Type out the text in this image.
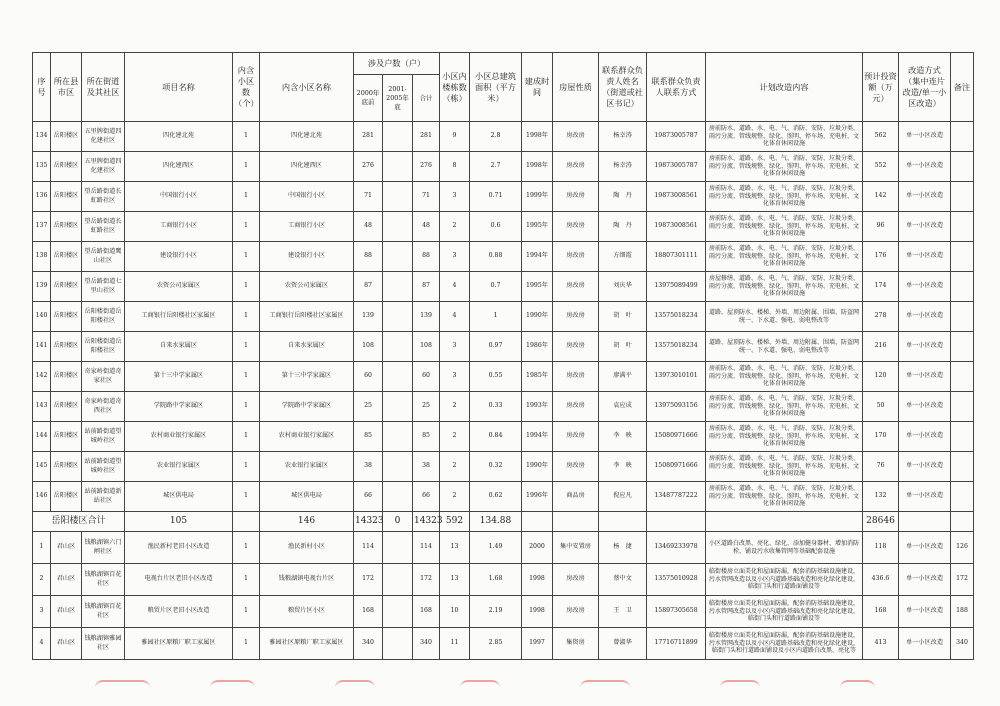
序号	所在县市区	所在街道及其社区	项目名称	内含小区数（个）	内含小区名称	涉及户数（户）			小区内楼栋数（栋）	小区总建筑面积（平方米）	建成时间	房屋性质	联系群众负责人姓名（街道或社区书记）	联系群众负责人联系方式	计划改造内容	预计投资额（万元）	改造方式（集中连片改造/单一小区改造）	备注
						2000年底前	2001-2005年底	合计										
134	岳阳楼区	五里牌街道四化建社区	四化建北苑	1	四化建北苑	281		281	9	2.8	1998年	房改房	杨幸涛	19873005787	房前防水、道路、水、电、气、消防、安防、垃圾分类、雨污分流、管线规整、绿化、照明、停车场、充电桩、文化体育休闲设施	562	单一小区改造	
135	岳阳楼区	五里牌街道四化建社区	四化建西区	1	四化建西区	276		276	8	2.7	1998年	房改房	杨幸涛	19873005787	房前防水、道路、水、电、气、消防、安防、垃圾分类、雨污分流、管线规整、绿化、照明、停车场、充电桩、文化体育休闲设施	552	单一小区改造	
136	岳阳楼区	望岳路街道长虹路社区	中国银行小区	1	中国银行小区	71		71	3	0.71	1999年	房改房	陶　丹	19873008561	房前防水、道路、水、电、气、消防、安防、垃圾分类、雨污分流、管线规整、绿化、照明、停车场、充电桩、文化体育休闲设施	142	单一小区改造	
137	岳阳楼区	望岳路街道长虹路社区	工商银行小区	1	工商银行小区	48		48	2	0.6	1995年	房改房	陶　丹	19873008561	房前防水、道路、水、电、气、消防、安防、垃圾分类、雨污分流、管线规整、绿化、照明、停车场、充电桩、文化体育休闲设施	96	单一小区改造	
138	岳阳楼区	望岳路街道鹰山社区	建设银行小区	1	建设银行小区	88		88	3	0.88	1994年	房改房	方细霞	18807301111	房前防水、道路、水、电、气、消防、安防、垃圾分类、雨污分流、管线规整、绿化、照明、停车场、充电桩、文化体育休闲设施	176	单一小区改造	
139	岳阳楼区	望岳路街道七里山社区	农资公司家属区	1	农资公司家属区	87		87	4	0.7	1995年	房改房	刘庆华	13975089499	房屋修缮、道路、水、电、气、消防、安防、垃圾分类、雨污分流、管线规整、绿化、照明、停车场、充电桩、文化体育休闲设施	174	单一小区改造	
140	岳阳楼区	岳阳楼街道岳阳楼社区	工商银行岳阳楼社区家属区	1	工商银行岳阳楼社区家属区	139		139	4	1	1990年	房改房	胡　叶	13575018234	道路、屋顶防水、楼梯、外墙、周边附属、围墙、防盗网统一、下水道、强电、弱电整改等	278	单一小区改造	
141	岳阳楼区	岳阳楼街道岳阳楼社区	自来水家属区	1	自来水家属区	108		108	3	0.97	1986年	房改房	胡　叶	13575018234	道路、屋顶防水、楼梯、外墙、周边附属、围墙、防盗网统一、下水道、强电、弱电整改等	216	单一小区改造	
142	岳阳楼区	奇家岭街道奇家社区	第十三中学家属区	1	第十三中学家属区	60		60	3	0.55	1985年	房改房	廖满平	13973010101	房前防水、道路、水、电、气、消防、安防、垃圾分类、雨污分流、管线规整、绿化、照明、停车场、充电桩、文化体育休闲设施	120	单一小区改造	
143	岳阳楼区	奇家岭街道奇西社区	学院路中学家属区	1	学院路中学家属区	25		25	2	0.33	1993年	房改房	袁应成	13975093156	房前防水、道路、水、电、气、消防、安防、垃圾分类、雨污分流、管线规整、绿化、照明、停车场、充电桩、文化体育休闲设施	50	单一小区改造	
144	岳阳楼区	站前路街道望城岭社区	农村商业银行家属区	1	农村商业银行家属区	85		85	2	0.84	1994年	房改房	李　映	15080971666	房前防水、道路、水、电、气、消防、安防、垃圾分类、雨污分流、管线规整、绿化、照明、停车场、充电桩、文化体育休闲设施	170	单一小区改造	
145	岳阳楼区	站前路街道望城岭社区	农业银行家属区	1	农业银行家属区	38		38	2	0.32	1990年	房改房	李　映	15080971666	房前防水、道路、水、电、气、消防、安防、垃圾分类、雨污分流、管线规整、绿化、照明、停车场、充电桩、文化体育休闲设施	76	单一小区改造	
146	岳阳楼区	站前路街道新站社区	城区供电局	1	城区供电局	66		66	2	0.62	1996年	商品房	倪应凡	13487787222	房前防水、道路、水、电、气、消防、安防、垃圾分类、雨污分流、管线规整、绿化、照明、停车场、充电桩、文化体育休闲设施	132	单一小区改造	
岳阳楼区合计			105		146	14323	0	14323	592	134.88						28646		
1	君山区	钱粮湖镇六门闸社区	渔民新村老旧小区改造	1	渔民新村小区	114		114	13	1.49	2000	集中安置房	杨　捷	13469233978	小区道路白改黑、亮化、绿化、添加健身器材、增加消防栓、铺设污水收集管网等基础配套设施	118	单一小区改造	126
2	君山区	钱粮湖镇百花社区	电视台片区老旧小区改造	1	钱粮湖镇电视台片区	172		172	13	1.68	1998	房改房	蔡中文	13575010928	临街楼房立面美化和屋面防漏，配套消防基础设施建设，污水管网改造以及小区内道路基础改造和亮化绿化建设，临街门头和行道路面铺设等	436.6	单一小区改造	172
3	君山区	钱粮湖镇百花社区	粮贸片区老旧小区改造	1	粮贸片区小区	168		168	10	2.19	1998	房改房	王　卫	15897305658	临街楼房立面美化和屋面防漏，配套消防基础设施建设，污水管网改造以及小区内道路基础改造和亮化绿化建设，临街门头和行道路面铺设等	168	单一小区改造	188
4	君山区	钱粮湖镇雅园社区	雅园社区原粮厂职工家属区	1	雅园社区原粮厂职工家属区	340		340	11	2.85	1997	集资房	曾淑华	17716711899	临街楼房立面美化和屋面防漏，配套消防基础设施建设，污水管网改造以及小区内道路基础改造和亮化绿化建设，临街门头和行道路面铺设及小区内道路白改黑、亮化等	413	单一小区改造	340
